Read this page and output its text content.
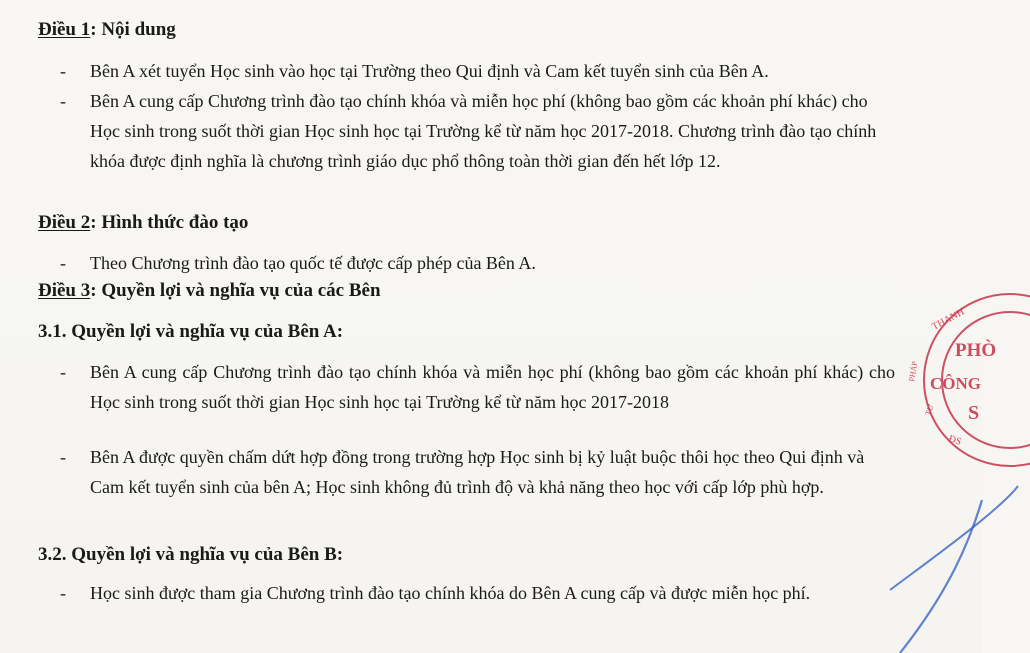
Điều 1: Nội dung
- Bên A xét tuyển Học sinh vào học tại Trường theo Qui định và Cam kết tuyển sinh của Bên A.
- Bên A cung cấp Chương trình đào tạo chính khóa và miễn học phí (không bao gồm các khoản phí khác) cho Học sinh trong suốt thời gian Học sinh học tại Trường kể từ năm học 2017-2018. Chương trình đào tạo chính khóa được định nghĩa là chương trình giáo dục phổ thông toàn thời gian đến hết lớp 12.
Điều 2: Hình thức đào tạo
- Theo Chương trình đào tạo quốc tế được cấp phép của Bên A.
Điều 3: Quyền lợi và nghĩa vụ của các Bên
3.1. Quyền lợi và nghĩa vụ của Bên A:
- Bên A cung cấp Chương trình đào tạo chính khóa và miễn học phí (không bao gồm các khoản phí khác) cho Học sinh trong suốt thời gian Học sinh học tại Trường kể từ năm học 2017-2018
- Bên A được quyền chấm dứt hợp đồng trong trường hợp Học sinh bị kỷ luật buộc thôi học theo Qui định và Cam kết tuyển sinh của bên A; Học sinh không đủ trình độ và khả năng theo học với cấp lớp phù hợp.
3.2. Quyền lợi và nghĩa vụ của Bên B:
- Học sinh được tham gia Chương trình đào tạo chính khóa do Bên A cung cấp và được miễn học phí.
THANH
PHÁP
TƯ
PHÒ
CÔNG
S
ĐS
